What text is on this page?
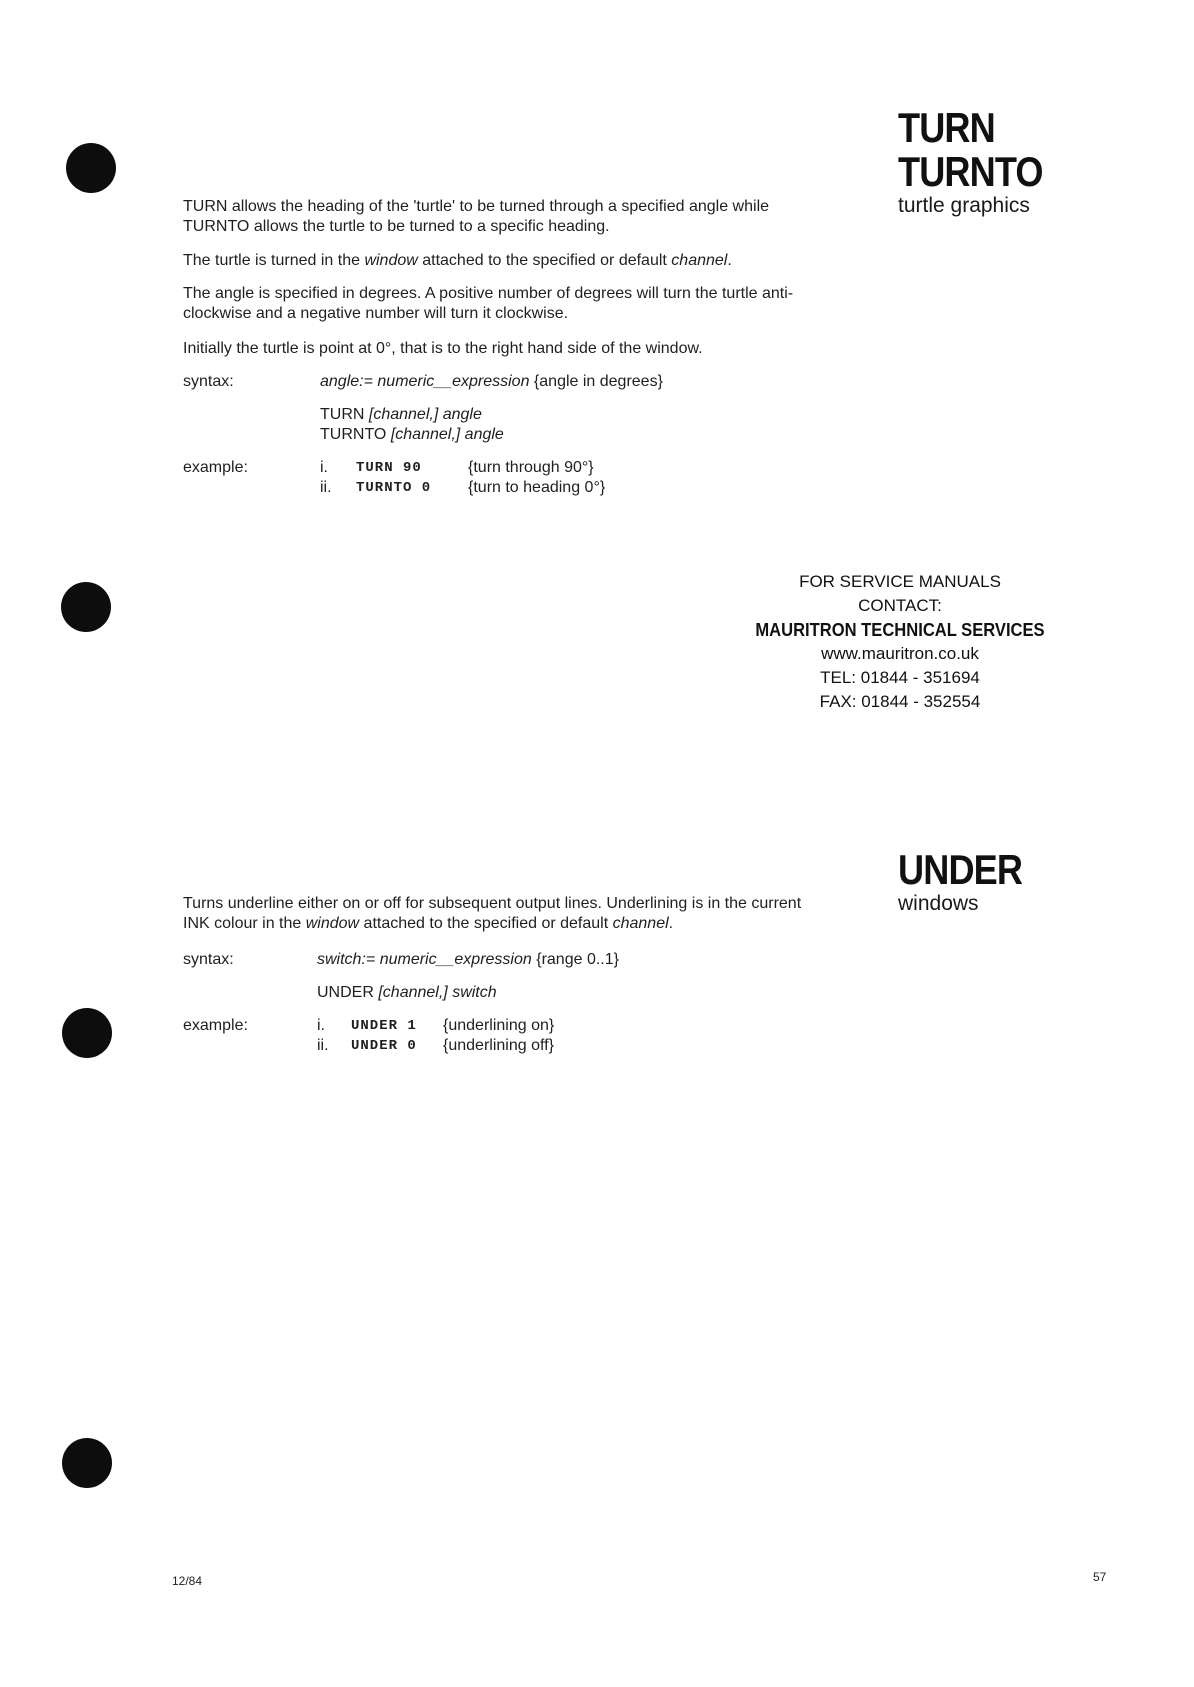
TURN
TURNTO
turtle graphics
TURN allows the heading of the 'turtle' to be turned through a specified angle while
TURNTO allows the turtle to be turned to a specific heading.
The turtle is turned in the window attached to the specified or default channel.
The angle is specified in degrees. A positive number of degrees will turn the turtle anti-
clockwise and a negative number will turn it clockwise.
Initially the turtle is point at 0°, that is to the right hand side of the window.
syntax:	angle:= numeric__expression {angle in degrees}
TURN [channel,] angle
TURNTO [channel,] angle
example:	i. TURN 90	{turn through 90°}
ii. TURNTO 0 {turn to heading 0°}
FOR SERVICE MANUALS
CONTACT:
MAURITRON TECHNICAL SERVICES
www.mauritron.co.uk
TEL: 01844 - 351694
FAX: 01844 - 352554
UNDER
windows
Turns underline either on or off for subsequent output lines. Underlining is in the current
INK colour in the window attached to the specified or default channel.
syntax:	switch:= numeric__expression {range 0..1}
UNDER [channel,] switch
example:	i. UNDER 1 {underlining on}
ii. UNDER 0 {underlining off}
12/84	57
